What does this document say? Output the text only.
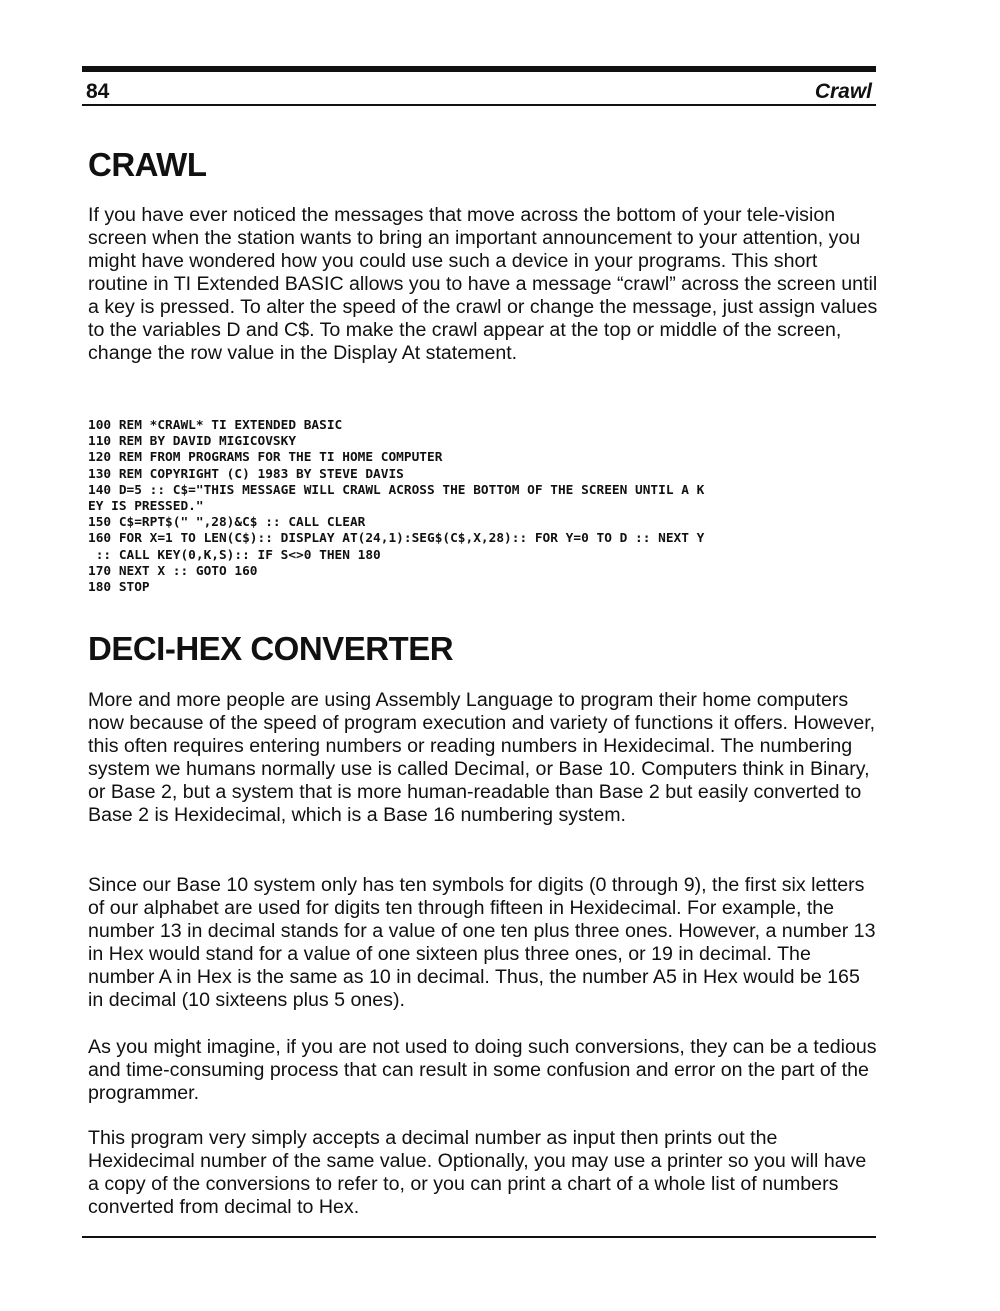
84	Crawl
CRAWL

If you have ever noticed the messages that move across the bottom of your tele-vision screen when the station wants to bring an important announcement to your attention, you might have wondered how you could use such a device in your programs. This short routine in TI Extended BASIC allows you to have a message “crawl” across the screen until a key is pressed. To alter the speed of the crawl or change the message, just assign values to the variables D and C$. To make the crawl appear at the top or middle of the screen, change the row value in the Display At statement.

100 REM *CRAWL* TI EXTENDED BASIC
110 REM BY DAVID MIGICOVSKY
120 REM FROM PROGRAMS FOR THE TI HOME COMPUTER
130 REM COPYRIGHT (C) 1983 BY STEVE DAVIS
140 D=5 :: C$="THIS MESSAGE WILL CRAWL ACROSS THE BOTTOM OF THE SCREEN UNTIL A K
EY IS PRESSED."
150 C$=RPT$(" ",28)&C$ :: CALL CLEAR
160 FOR X=1 TO LEN(C$):: DISPLAY AT(24,1):SEG$(C$,X,28):: FOR Y=0 TO D :: NEXT Y
:: CALL KEY(0,K,S):: IF S<>0 THEN 180
170 NEXT X :: GOTO 160
180 STOP
DECI-HEX CONVERTER

More and more people are using Assembly Language to program their home computers now because of the speed of program execution and variety of functions it offers. However, this often requires entering numbers or reading numbers in Hexidecimal. The numbering system we humans normally use is called Decimal, or Base 10. Computers think in Binary, or Base 2, but a system that is more human-readable than Base 2 but easily converted to Base 2 is Hexidecimal, which is a Base 16 numbering system.

Since our Base 10 system only has ten symbols for digits (0 through 9), the first six letters of our alphabet are used for digits ten through fifteen in Hexidecimal. For example, the number 13 in decimal stands for a value of one ten plus three ones. However, a number 13 in Hex would stand for a value of one sixteen plus three ones, or 19 in decimal. The number A in Hex is the same as 10 in decimal. Thus, the number A5 in Hex would be 165 in decimal (10 sixteens plus 5 ones).

As you might imagine, if you are not used to doing such conversions, they can be a tedious and time-consuming process that can result in some confusion and error on the part of the programmer.

This program very simply accepts a decimal number as input then prints out the Hexidecimal number of the same value. Optionally, you may use a printer so you will have a copy of the conversions to refer to, or you can print a chart of a whole list of numbers converted from decimal to Hex.
